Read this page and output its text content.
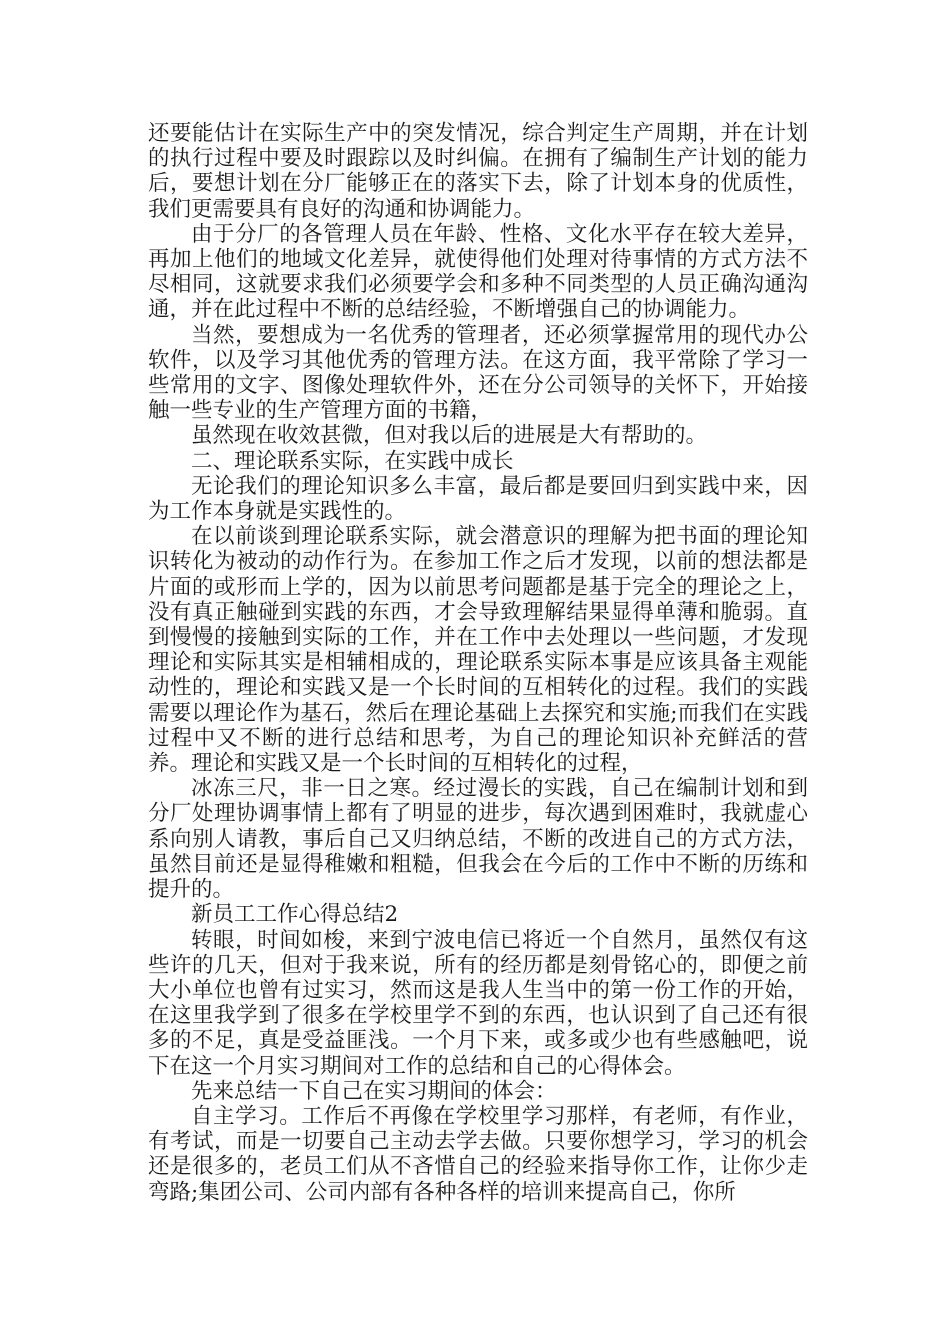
还要能估计在实际生产中的突发情况，综合判定生产周期，并在计划的执行过程中要及时跟踪以及时纠偏。在拥有了编制生产计划的能力后，要想计划在分厂能够正在的落实下去，除了计划本身的优质性，我们更需要具有良好的沟通和协调能力。

由于分厂的各管理人员在年龄、性格、文化水平存在较大差异，再加上他们的地域文化差异，就使得他们处理对待事情的方式方法不尽相同，这就要求我们必须要学会和多种不同类型的人员正确沟通沟通，并在此过程中不断的总结经验，不断增强自己的协调能力。

当然，要想成为一名优秀的管理者，还必须掌握常用的现代办公软件，以及学习其他优秀的管理方法。在这方面，我平常除了学习一些常用的文字、图像处理软件外，还在分公司领导的关怀下，开始接触一些专业的生产管理方面的书籍，

虽然现在收效甚微，但对我以后的进展是大有帮助的。

二、理论联系实际，在实践中成长

无论我们的理论知识多么丰富，最后都是要回归到实践中来，因为工作本身就是实践性的。

在以前谈到理论联系实际，就会潜意识的理解为把书面的理论知识转化为被动的动作行为。在参加工作之后才发现，以前的想法都是片面的或形而上学的，因为以前思考问题都是基于完全的理论之上，没有真正触碰到实践的东西，才会导致理解结果显得单薄和脆弱。直到慢慢的接触到实际的工作，并在工作中去处理以一些问题，才发现理论和实际其实是相辅相成的，理论联系实际本事是应该具备主观能动性的，理论和实践又是一个长时间的互相转化的过程。我们的实践需要以理论作为基石，然后在理论基础上去探究和实施;而我们在实践过程中又不断的进行总结和思考，为自己的理论知识补充鲜活的营养。理论和实践又是一个长时间的互相转化的过程，

冰冻三尺，非一日之寒。经过漫长的实践，自己在编制计划和到分厂处理协调事情上都有了明显的进步，每次遇到困难时，我就虚心系向别人请教，事后自己又归纳总结，不断的改进自己的方式方法，虽然目前还是显得稚嫩和粗糙，但我会在今后的工作中不断的历练和提升的。

新员工工作心得总结2

转眼，时间如梭，来到宁波电信已将近一个自然月，虽然仅有这些许的几天，但对于我来说，所有的经历都是刻骨铭心的，即便之前大小单位也曾有过实习，然而这是我人生当中的第一份工作的开始，在这里我学到了很多在学校里学不到的东西，也认识到了自己还有很多的不足，真是受益匪浅。一个月下来，或多或少也有些感触吧，说下在这一个月实习期间对工作的总结和自己的心得体会。

先来总结一下自己在实习期间的体会：

自主学习。工作后不再像在学校里学习那样，有老师，有作业，有考试，而是一切要自己主动去学去做。只要你想学习，学习的机会还是很多的，老员工们从不吝惜自己的经验来指导你工作，让你少走弯路;集团公司、公司内部有各种各样的培训来提高自己，你所
